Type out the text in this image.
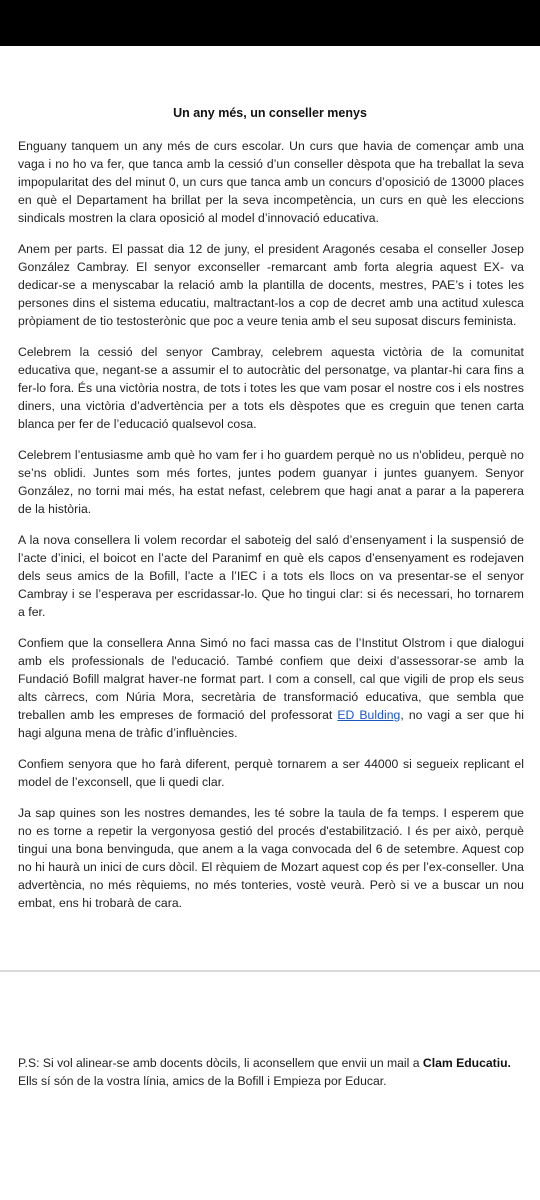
Un any més, un conseller menys

Enguany tanquem un any més de curs escolar. Un curs que havia de començar amb una vaga i no ho va fer, que tanca amb la cessió d’un conseller dèspota que ha treballat la seva impopularitat des del minut 0, un curs que tanca amb un concurs d’oposició de 13000 places en què el Departament ha brillat per la seva incompetència, un curs en què les eleccions sindicals mostren la clara oposició al model d’innovació educativa.

Anem per parts. El passat dia 12 de juny, el president Aragonés cesaba el conseller Josep González Cambray. El senyor exconseller -remarcant amb forta alegria aquest EX- va dedicar-se a menyscabar la relació amb la plantilla de docents, mestres, PAE’s i totes les persones dins el sistema educatiu, maltractant-los a cop de decret amb una actitud xulesca pròpiament de tio testosterònic que poc a veure tenia amb el seu suposat discurs feminista.

Celebrem la cessió del senyor Cambray, celebrem aquesta victòria de la comunitat educativa que, negant-se a assumir el to autocràtic del personatge, va plantar-hi cara fins a fer-lo fora. És una victòria nostra, de tots i totes les que vam posar el nostre cos i els nostres diners, una victòria d’advertència per a tots els dèspotes que es creguin que tenen carta blanca per fer de l’educació qualsevol cosa.

Celebrem l’entusiasme amb què ho vam fer i ho guardem perquè no us n'oblideu, perquè no se’ns oblidi. Juntes som més fortes, juntes podem guanyar i juntes guanyem. Senyor González, no torni mai més, ha estat nefast, celebrem que hagi anat a parar a la paperera de la història.

A la nova consellera li volem recordar el saboteig del saló d’ensenyament i la suspensió de l’acte d’inici, el boicot en l’acte del Paranimf en què els capos d’ensenyament es rodejaven dels seus amics de la Bofill, l’acte a l’IEC i a tots els llocs on va presentar-se el senyor Cambray i se l’esperava per escridassar-lo. Que ho tingui clar: si és necessari, ho tornarem a fer.

Confiem que la consellera Anna Simó no faci massa cas de l’Institut Olstrom i que dialogui amb els professionals de l'educació. També confiem que deixi d’assessorar-se amb la Fundació Bofill malgrat haver-ne format part. I com a consell, cal que vigili de prop els seus alts càrrecs, com Núria Mora, secretària de transformació educativa, que sembla que treballen amb les empreses de formació del professorat ED Bulding, no vagi a ser que hi hagi alguna mena de tràfic d’influències.

Confiem senyora que ho farà diferent, perquè tornarem a ser 44000 si segueix replicant el model de l’exconsell, que li quedi clar.

Ja sap quines son les nostres demandes, les té sobre la taula de fa temps. I esperem que no es torne a repetir la vergonyosa gestió del procés d'estabilització. I és per això, perquè tingui una bona benvinguda, que anem a la vaga convocada del 6 de setembre. Aquest cop no hi haurà un inici de curs dòcil. El rèquiem de Mozart aquest cop és per l’ex-conseller. Una advertència, no més rèquiems, no més tonteries, vostè veurà. Però si ve a buscar un nou embat, ens hi trobarà de cara.

P.S: Si vol alinear-se amb docents dòcils, li aconsellem que envii un mail a Clam Educatiu. Ells sí són de la vostra línia, amics de la Bofill i Empieza por Educar.
